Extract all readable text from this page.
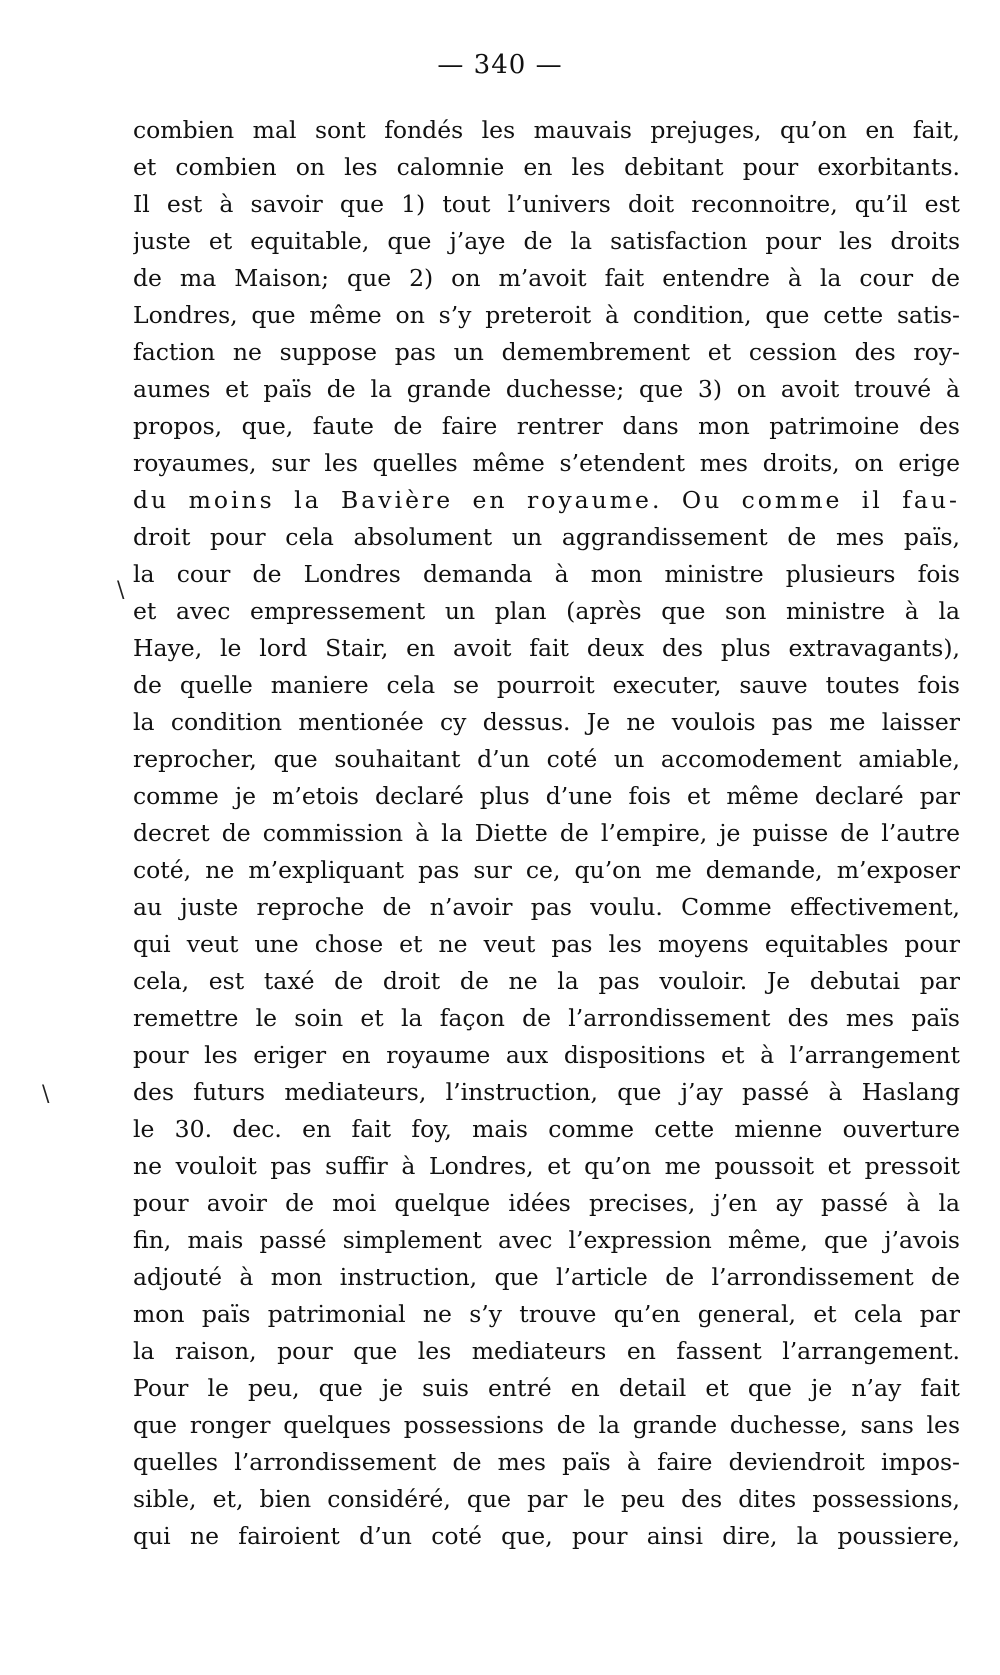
— 340 —
combien mal sont fondés les mauvais prejuges, qu’on en fait,
et combien on les calomnie en les debitant pour exorbitants.
Il est à savoir que 1) tout l’univers doit reconnoitre, qu’il est
juste et equitable, que j’aye de la satisfaction pour les droits
de ma Maison; que 2) on m’avoit fait entendre à la cour de
Londres, que même on s’y preteroit à condition, que cette satis-
faction ne suppose pas un demembrement et cession des roy-
aumes et païs de la grande duchesse; que 3) on avoit trouvé à
propos, que, faute de faire rentrer dans mon patrimoine des
royaumes, sur les quelles même s’etendent mes droits, on erige
du moins la Bavière en royaume. Ou comme il fau-
droit pour cela absolument un aggrandissement de mes païs,
la cour de Londres demanda à mon ministre plusieurs fois
et avec empressement un plan (après que son ministre à la
Haye, le lord Stair, en avoit fait deux des plus extravagants),
de quelle maniere cela se pourroit executer, sauve toutes fois
la condition mentionée cy dessus. Je ne voulois pas me laisser
reprocher, que souhaitant d’un coté un accomodement amiable,
comme je m’etois declaré plus d’une fois et même declaré par
decret de commission à la Diette de l’empire, je puisse de l’autre
coté, ne m’expliquant pas sur ce, qu’on me demande, m’exposer
au juste reproche de n’avoir pas voulu. Comme effectivement,
qui veut une chose et ne veut pas les moyens equitables pour
cela, est taxé de droit de ne la pas vouloir. Je debutai par
remettre le soin et la façon de l’arrondissement des mes païs
pour les eriger en royaume aux dispositions et à l’arrangement
des futurs mediateurs, l’instruction, que j’ay passé à Haslang
le 30. dec. en fait foy, mais comme cette mienne ouverture
ne vouloit pas suffir à Londres, et qu’on me poussoit et pressoit
pour avoir de moi quelque idées precises, j’en ay passé à la
fin, mais passé simplement avec l’expression même, que j’avois
adjouté à mon instruction, que l’article de l’arrondissement de
mon païs patrimonial ne s’y trouve qu’en general, et cela par
la raison, pour que les mediateurs en fassent l’arrangement.
Pour le peu, que je suis entré en detail et que je n’ay fait
que ronger quelques possessions de la grande duchesse, sans les
quelles l’arrondissement de mes païs à faire deviendroit impos-
sible, et, bien considéré, que par le peu des dites possessions,
qui ne fairoient d’un coté que, pour ainsi dire, la poussiere,
\
\
